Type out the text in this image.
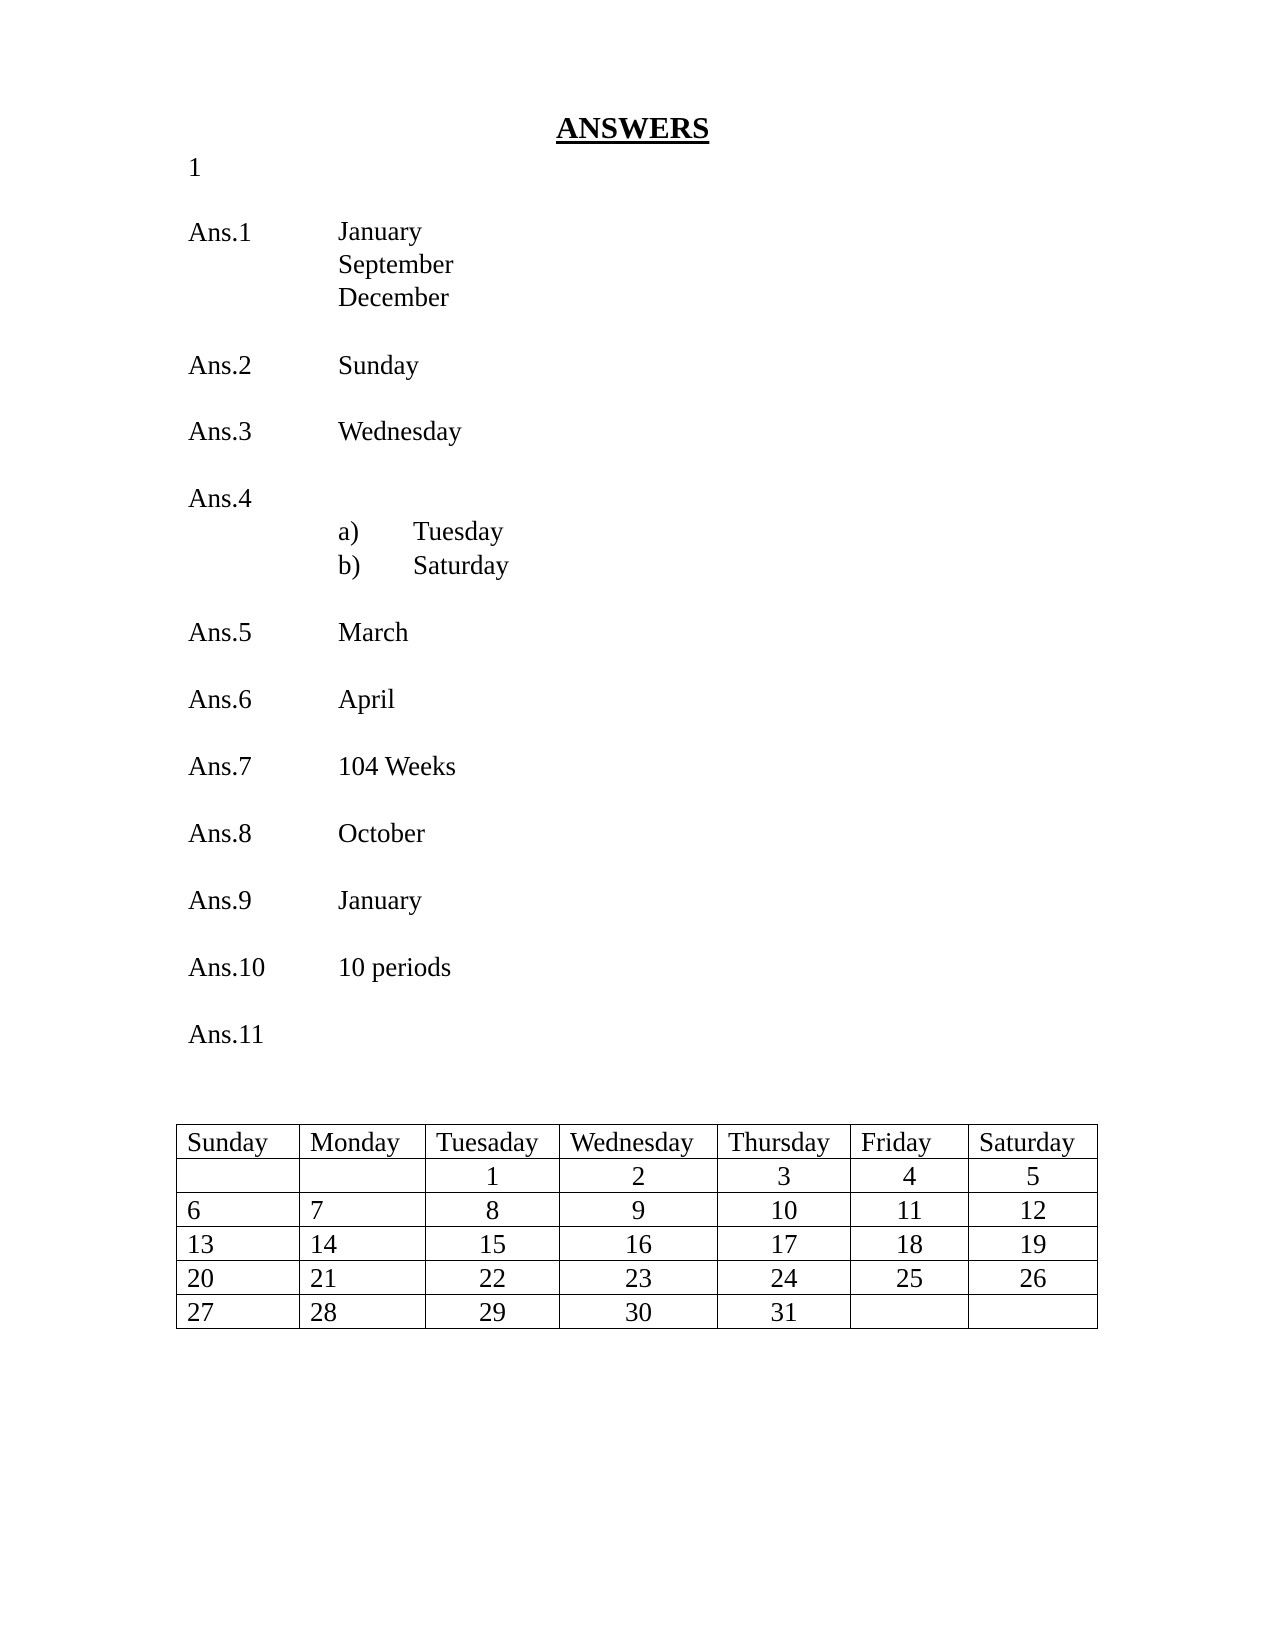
ANSWERS
1
Ans.1	January
September
December
Ans.2	Sunday
Ans.3	Wednesday
Ans.4
a) Tuesday
b) Saturday
Ans.5	March
Ans.6	April
Ans.7	104 Weeks
Ans.8	October
Ans.9	January
Ans.10	10 periods
Ans.11
Sunday	Monday	Tuesaday	Wednesday	Thursday	Friday	Saturday
		1	2	3	4	5
6	7	8	9	10	11	12
13	14	15	16	17	18	19
20	21	22	23	24	25	26
27	28	29	30	31		
